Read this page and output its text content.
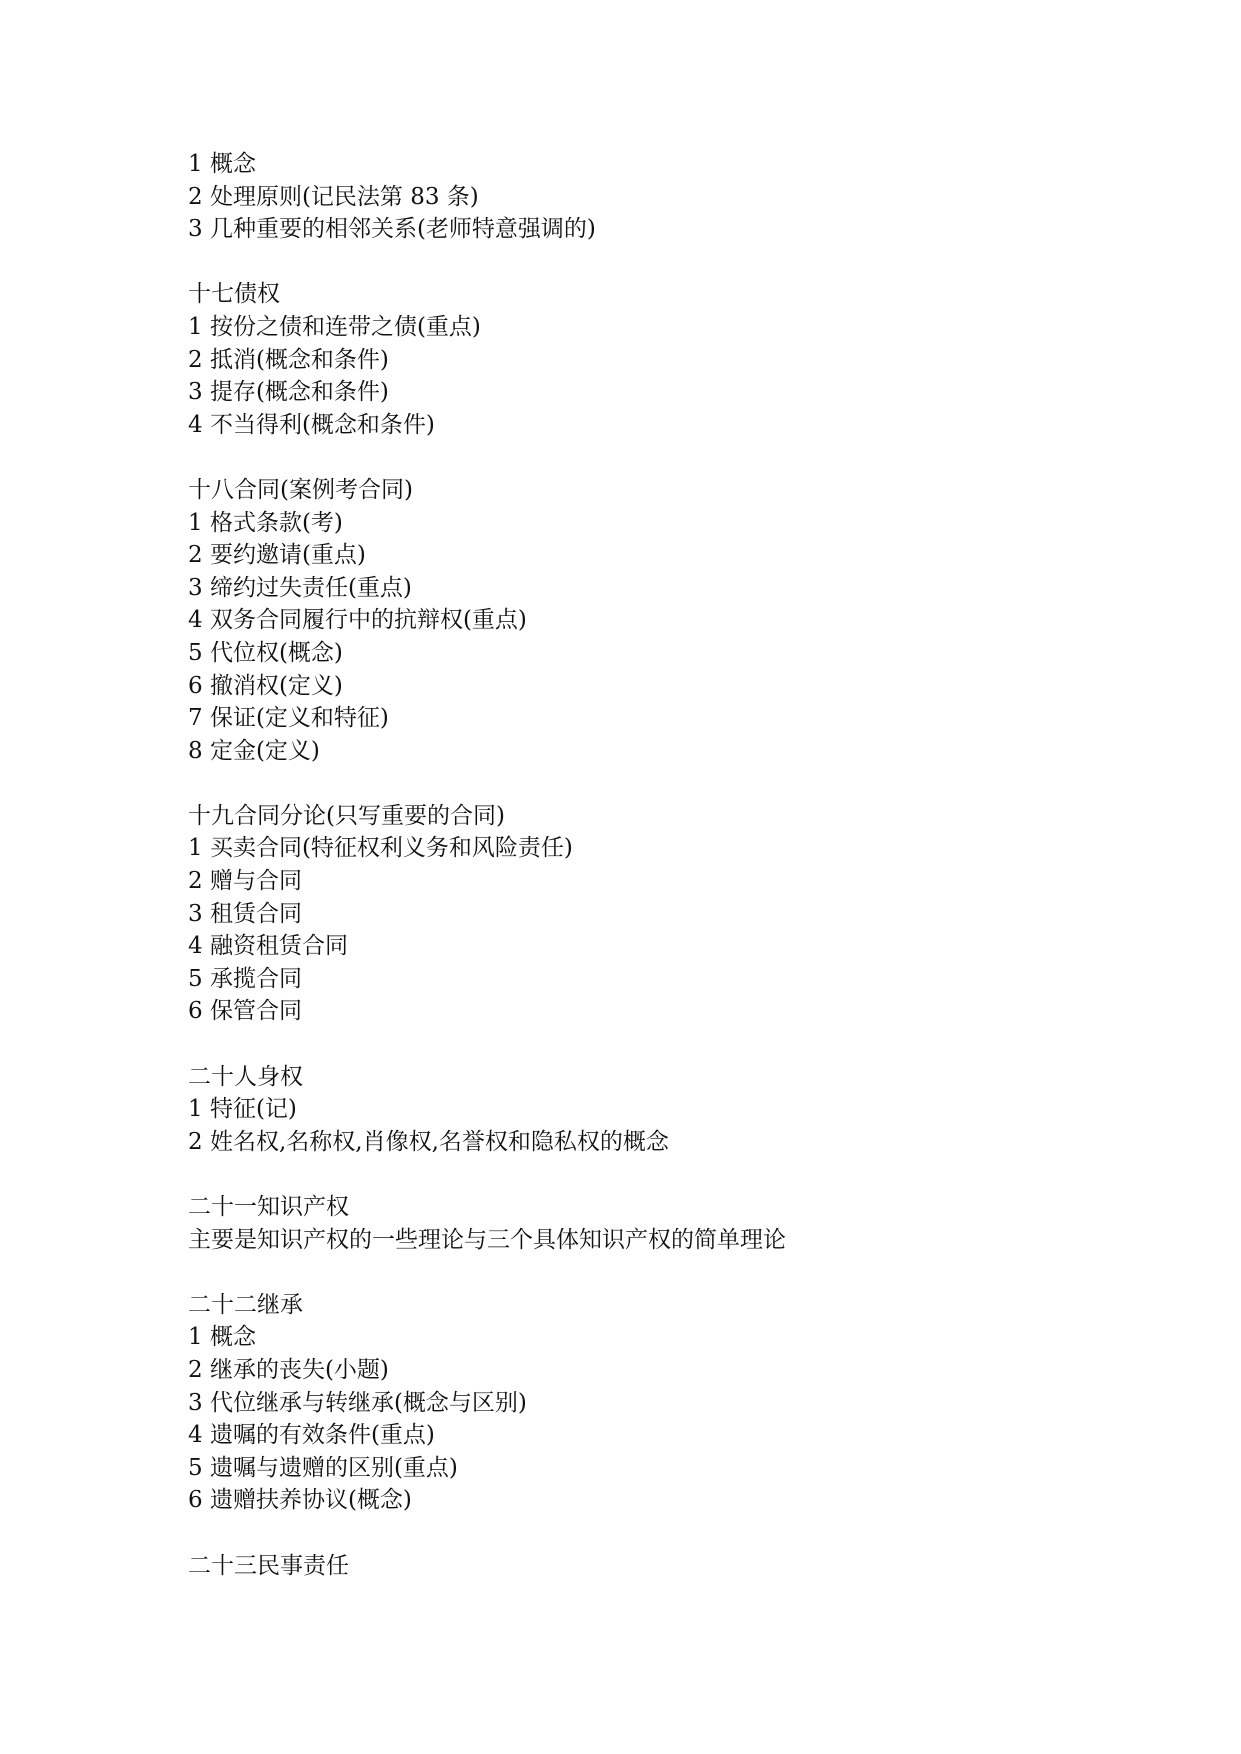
1 概念
2 处理原则(记民法第 83 条)
3 几种重要的相邻关系(老师特意强调的)
十七债权
1 按份之债和连带之债(重点)
2 抵消(概念和条件)
3 提存(概念和条件)
4 不当得利(概念和条件)
十八合同(案例考合同)
1 格式条款(考)
2 要约邀请(重点)
3 缔约过失责任(重点)
4 双务合同履行中的抗辩权(重点)
5 代位权(概念)
6 撤消权(定义)
7 保证(定义和特征)
8 定金(定义)
十九合同分论(只写重要的合同)
1 买卖合同(特征权利义务和风险责任)
2 赠与合同
3 租赁合同
4 融资租赁合同
5 承揽合同
6 保管合同
二十人身权
1 特征(记)
2 姓名权,名称权,肖像权,名誉权和隐私权的概念
二十一知识产权
主要是知识产权的一些理论与三个具体知识产权的简单理论
二十二继承
1 概念
2 继承的丧失(小题)
3 代位继承与转继承(概念与区别)
4 遗嘱的有效条件(重点)
5 遗嘱与遗赠的区别(重点)
6 遗赠扶养协议(概念)
二十三民事责任
